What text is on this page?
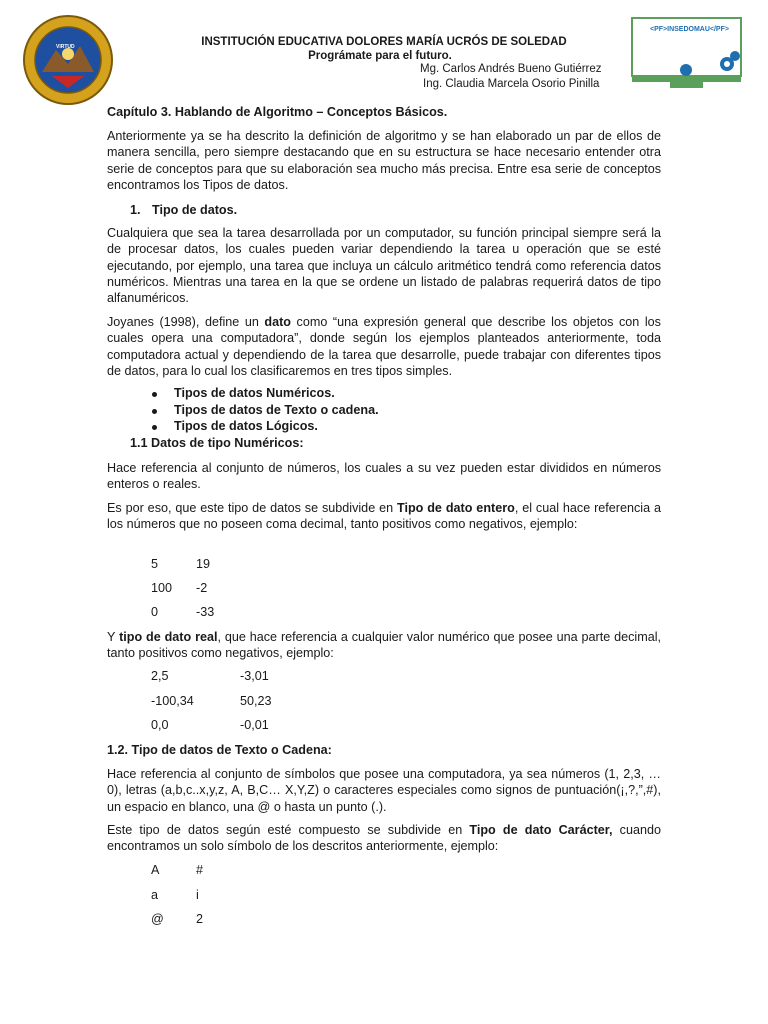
VIRTUD	INSTITUCIÓN EDUCATIVA DOLORES MARÍA UCRÓS DE SOLEDAD
Prográmate para el futuro.
Mg. Carlos Andrés Bueno Gutiérrez
Ing. Claudia Marcela Osorio Pinilla
<PF>INSEDOMAU</PF>
Capítulo 3. Hablando de Algoritmo – Conceptos Básicos.

Anteriormente ya se ha descrito la definición de algoritmo y se han elaborado un par de ellos de manera sencilla, pero siempre destacando que en su estructura se hace necesario entender otra serie de conceptos para que su elaboración sea mucho más precisa. Entre esa serie de conceptos encontramos los Tipos de datos.

1. Tipo de datos.

Cualquiera que sea la tarea desarrollada por un computador, su función principal siempre será la de procesar datos, los cuales pueden variar dependiendo la tarea u operación que se esté ejecutando, por ejemplo, una tarea que incluya un cálculo aritmético tendrá como referencia datos numéricos. Mientras una tarea en la que se ordene un listado de palabras requerirá datos de tipo alfanuméricos.

Joyanes (1998), define un dato como “una expresión general que describe los objetos con los cuales opera una computadora”, donde según los ejemplos planteados anteriormente, toda computadora actual y dependiendo de la tarea que desarrolle, puede trabajar con diferentes tipos de datos, para lo cual los clasificaremos en tres tipos simples.

Tipos de datos Numéricos.
Tipos de datos de Texto o cadena.
Tipos de datos Lógicos.
1.1 Datos de tipo Numéricos:

Hace referencia al conjunto de números, los cuales a su vez pueden estar divididos en números enteros o reales.

Es por eso, que este tipo de datos se subdivide en Tipo de dato entero, el cual hace referencia a los números que no poseen coma decimal, tanto positivos como negativos, ejemplo:

5	19
100 -2
0	-33

Y tipo de dato real, que hace referencia a cualquier valor numérico que posee una parte decimal, tanto positivos como negativos, ejemplo:

2,5	-3,01
-100,34	50,23
0,0	-0,01
1.2. Tipo de datos de Texto o Cadena:

Hace referencia al conjunto de símbolos que posee una computadora, ya sea números (1, 2,3, … 0), letras (a,b,c..x,y,z, A, B,C… X,Y,Z) o caracteres especiales como signos de puntuación(¡,?,”,#), un espacio en blanco, una @ o hasta un punto (.).

Este tipo de datos según esté compuesto se subdivide en Tipo de dato Carácter, cuando encontramos un solo símbolo de los descritos anteriormente, ejemplo:

A	#
a	i
@	2
